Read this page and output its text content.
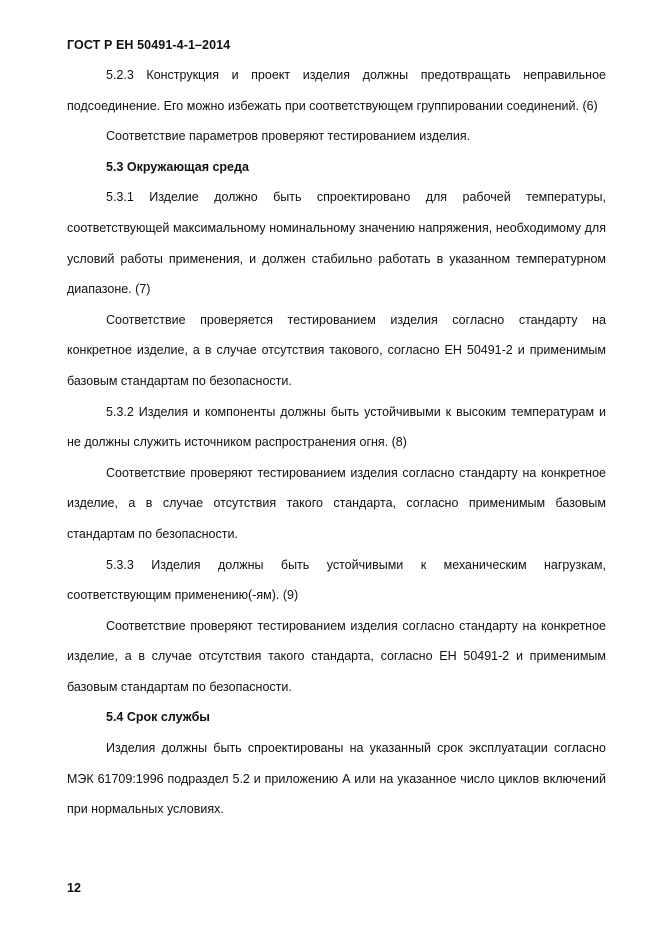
ГОСТ Р ЕН 50491-4-1–2014

5.2.3 Конструкция и проект изделия должны предотвращать неправильное подсоединение. Его можно избежать при соответствующем группировании соединений. (6)

Соответствие параметров проверяют тестированием изделия.

5.3 Окружающая среда

5.3.1 Изделие должно быть спроектировано для рабочей температуры, соответствующей максимальному номинальному значению напряжения, необходимому для условий работы применения, и должен стабильно работать в указанном температурном диапазоне. (7)

Соответствие проверяется тестированием изделия согласно стандарту на конкретное изделие, а в случае отсутствия такового, согласно ЕН 50491-2 и применимым базовым стандартам по безопасности.

5.3.2 Изделия и компоненты должны быть устойчивыми к высоким температурам и не должны служить источником распространения огня. (8)

Соответствие проверяют тестированием изделия согласно стандарту на конкретное изделие, а в случае отсутствия такого стандарта, согласно применимым базовым стандартам по безопасности.

5.3.3 Изделия должны быть устойчивыми к механическим нагрузкам, соответствующим применению(-ям). (9)

Соответствие проверяют тестированием изделия согласно стандарту на конкретное изделие, а в случае отсутствия такого стандарта, согласно ЕН 50491-2 и применимым базовым стандартам по безопасности.

5.4 Срок службы

Изделия должны быть спроектированы на указанный срок эксплуатации согласно МЭК 61709:1996 подраздел 5.2 и приложению А или на указанное число циклов включений при нормальных условиях.

12
